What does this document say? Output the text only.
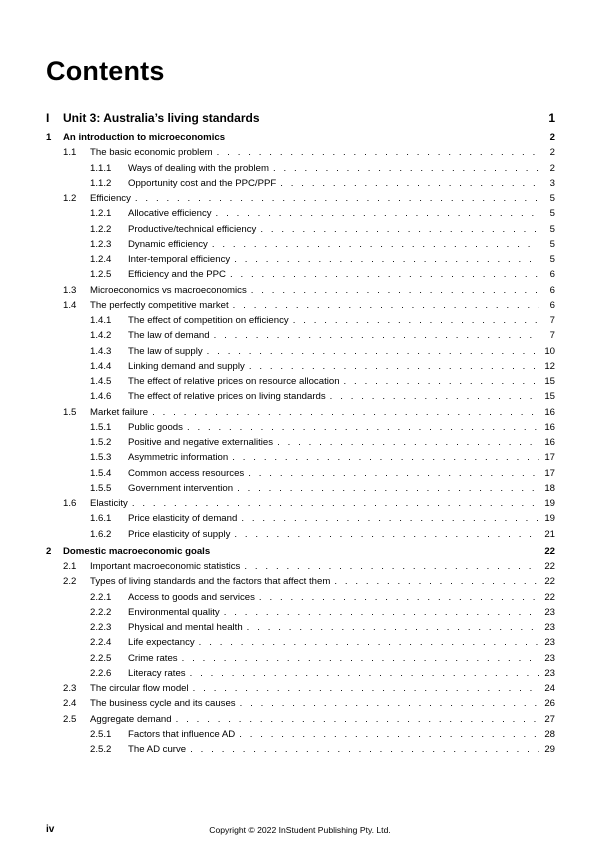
Contents
I	Unit 3: Australia’s living standards	1
1	An introduction to microeconomics	2
1.1	The basic economic problem . . .	2
1.1.1	Ways of dealing with the problem . . .	2
1.1.2	Opportunity cost and the PPC/PPF . . .	3
1.2	Efficiency . . .	5
1.2.1	Allocative efficiency . . .	5
1.2.2	Productive/technical efficiency . . .	5
1.2.3	Dynamic efficiency . . .	5
1.2.4	Inter-temporal efficiency . . .	5
1.2.5	Efficiency and the PPC . . .	6
1.3	Microeconomics vs macroeconomics . . .	6
1.4	The perfectly competitive market . . .	6
1.4.1	The effect of competition on efficiency . . .	7
1.4.2	The law of demand . . .	7
1.4.3	The law of supply . . .	10
1.4.4	Linking demand and supply . . .	12
1.4.5	The effect of relative prices on resource allocation . . .	15
1.4.6	The effect of relative prices on living standards . . .	15
1.5	Market failure . . .	16
1.5.1	Public goods . . .	16
1.5.2	Positive and negative externalities . . .	16
1.5.3	Asymmetric information . . .	17
1.5.4	Common access resources . . .	17
1.5.5	Government intervention . . .	18
1.6	Elasticity . . .	19
1.6.1	Price elasticity of demand . . .	19
1.6.2	Price elasticity of supply . . .	21
2	Domestic macroeconomic goals	22
2.1	Important macroeconomic statistics . . .	22
2.2	Types of living standards and the factors that affect them . . .	22
2.2.1	Access to goods and services . . .	22
2.2.2	Environmental quality . . .	23
2.2.3	Physical and mental health . . .	23
2.2.4	Life expectancy . . .	23
2.2.5	Crime rates . . .	23
2.2.6	Literacy rates . . .	23
2.3	The circular flow model . . .	24
2.4	The business cycle and its causes . . .	26
2.5	Aggregate demand . . .	27
2.5.1	Factors that influence AD . . .	28
2.5.2	The AD curve . . .	29
iv	Copyright © 2022 InStudent Publishing Pty. Ltd.
